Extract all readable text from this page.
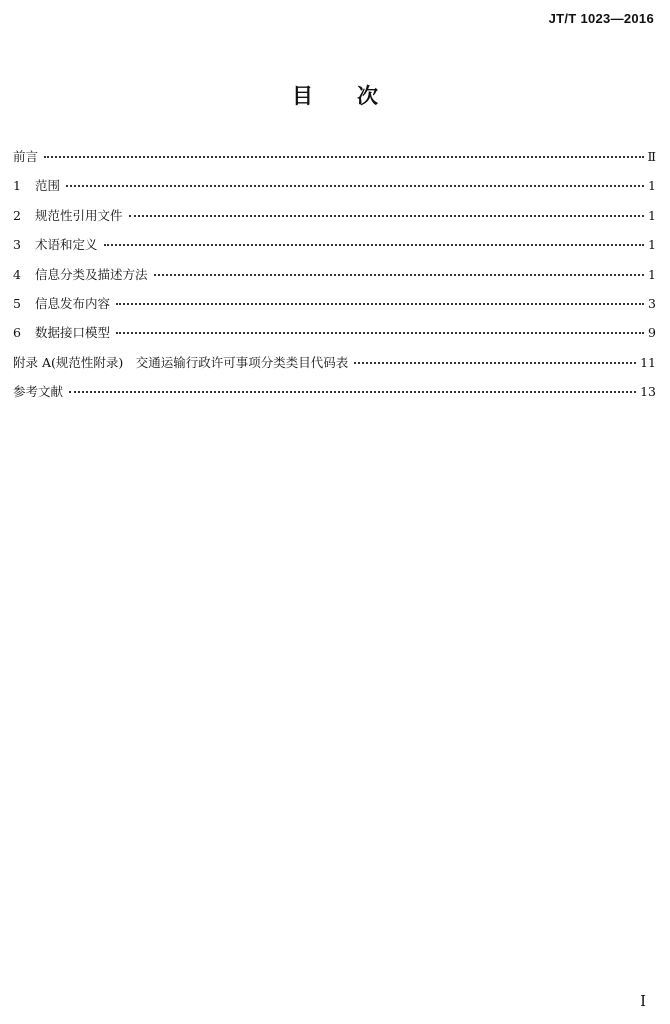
JT/T 1023—2016
目次
前言	Ⅱ
1	范围	1
2	规范性引用文件	1
3	术语和定义	1
4	信息分类及描述方法	1
5	信息发布内容	3
6	数据接口模型	9
附录 A(规范性附录)　交通运输行政许可事项分类类目代码表	11
参考文献	13
I
